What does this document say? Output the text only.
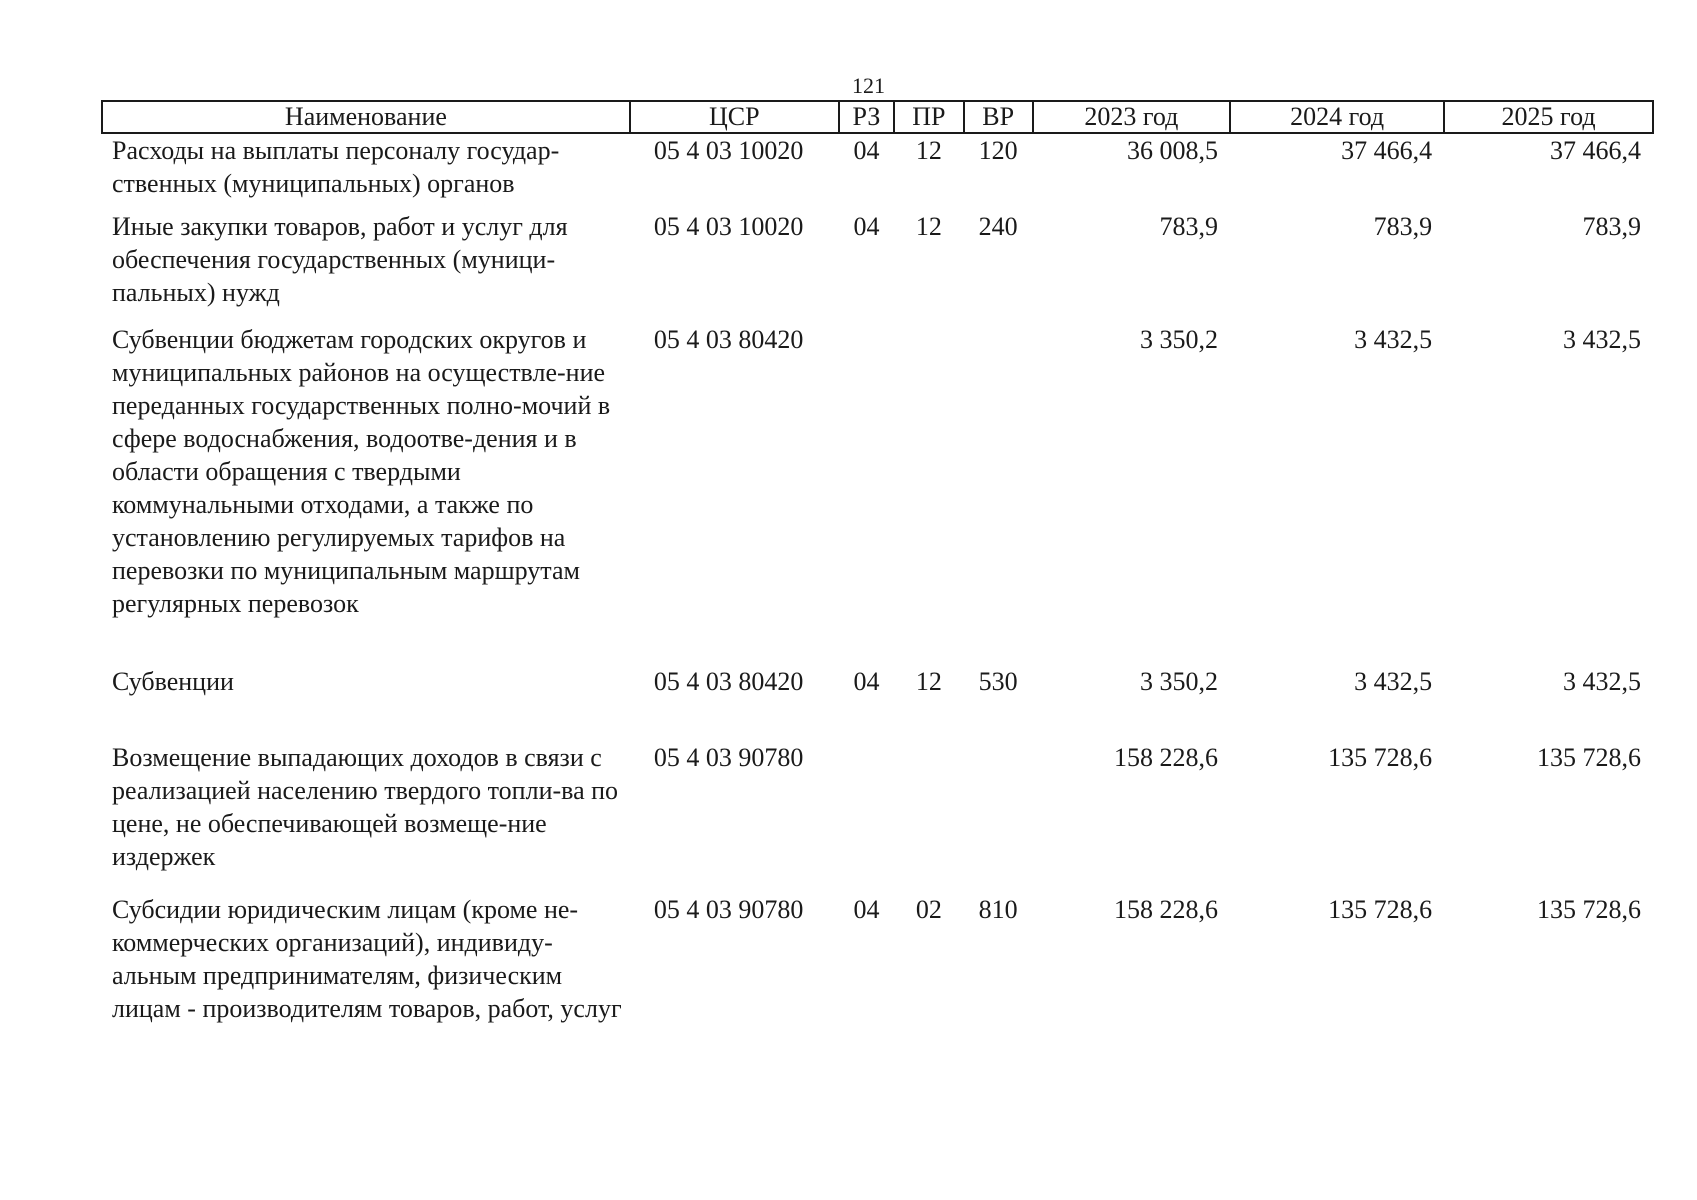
121
Наименование	ЦСР	РЗ	ПР	ВР	2023 год	2024 год	2025 год
Расходы на выплаты персоналу государ-ственных (муниципальных) органов	05 4 03 10020	04	12	120	36 008,5	37 466,4	37 466,4
Иные закупки товаров, работ и услуг для обеспечения государственных (муници-пальных) нужд	05 4 03 10020	04	12	240	783,9	783,9	783,9
Субвенции бюджетам городских округов и муниципальных районов на осуществле-ние переданных государственных полно-мочий в сфере водоснабжения, водоотве-дения и в области обращения с твердыми коммунальными отходами, а также по установлению регулируемых тарифов на перевозки по муниципальным маршрутам регулярных перевозок	05 4 03 80420				3 350,2	3 432,5	3 432,5
Субвенции	05 4 03 80420	04	12	530	3 350,2	3 432,5	3 432,5
Возмещение выпадающих доходов в связи с реализацией населению твердого топли-ва по цене, не обеспечивающей возмеще-ние издержек	05 4 03 90780				158 228,6	135 728,6	135 728,6
Субсидии юридическим лицам (кроме не-коммерческих организаций), индивиду-альным предпринимателям, физическим лицам - производителям товаров, работ, услуг	05 4 03 90780	04	02	810	158 228,6	135 728,6	135 728,6
